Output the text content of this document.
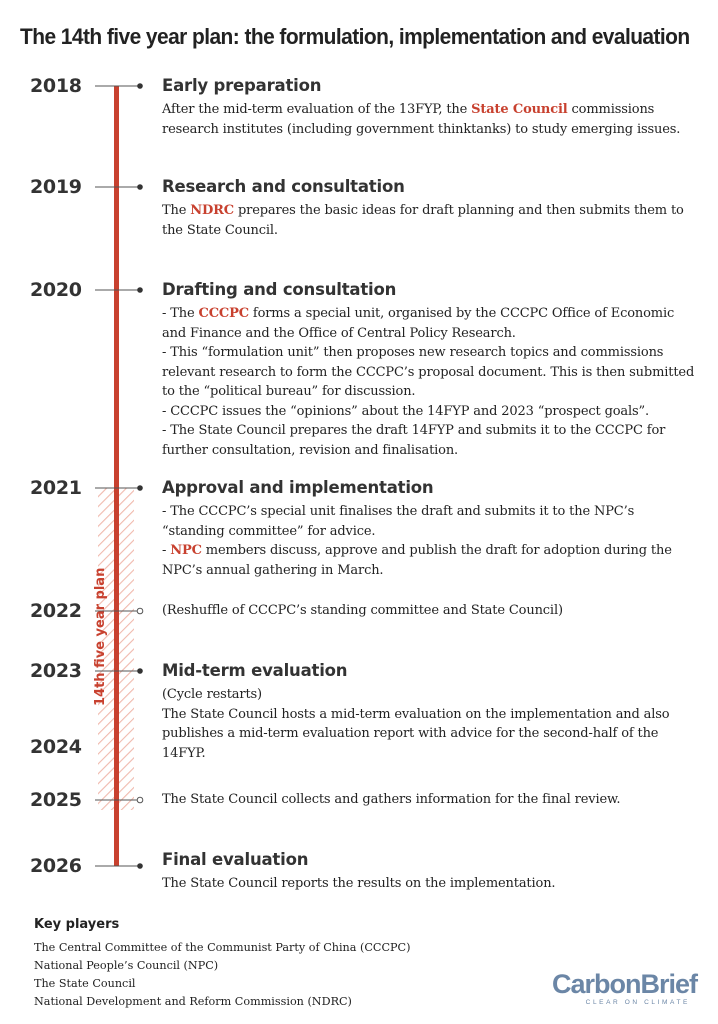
The 14th five year plan: the formulation, implementation and evaluation
14th five year plan
2018
2019
2020
2021
2022
2023
2024
2025
2026
Early preparation

After the mid-term evaluation of the 13FYP, the State Council commissions research institutes (including government thinktanks) to study emerging issues.

Research and consultation

The NDRC prepares the basic ideas for draft planning and then submits them to the State Council.

Drafting and consultation

- The CCCPC forms a special unit, organised by the CCCPC Office of Economic and Finance and the Office of Central Policy Research.

- This “formulation unit” then proposes new research topics and commissions relevant research to form the CCCPC’s proposal document. This is then submitted to the “political bureau” for discussion.

- CCCPC issues the “opinions” about the 14FYP and 2023 “prospect goals”.

- The State Council prepares the draft 14FYP and submits it to the CCCPC for further consultation, revision and finalisation.

Approval and implementation

- The CCCPC’s special unit finalises the draft and submits it to the NPC’s “standing committee” for advice.

- NPC members discuss, approve and publish the draft for adoption during the NPC’s annual gathering in March.

(Reshuffle of CCCPC’s standing committee and State Council)

Mid-term evaluation

(Cycle restarts)

The State Council hosts a mid-term evaluation on the implementation and also publishes a mid-term evaluation report with advice for the second-half of the 14FYP.

The State Council collects and gathers information for the final review.

Final evaluation

The State Council reports the results on the implementation.

Key players

The Central Committee of the Communist Party of China (CCCPC)

National People’s Council (NPC)

The State Council

National Development and Reform Commission (NDRC)

CarbonBrief
CLEAR ON CLIMATE
